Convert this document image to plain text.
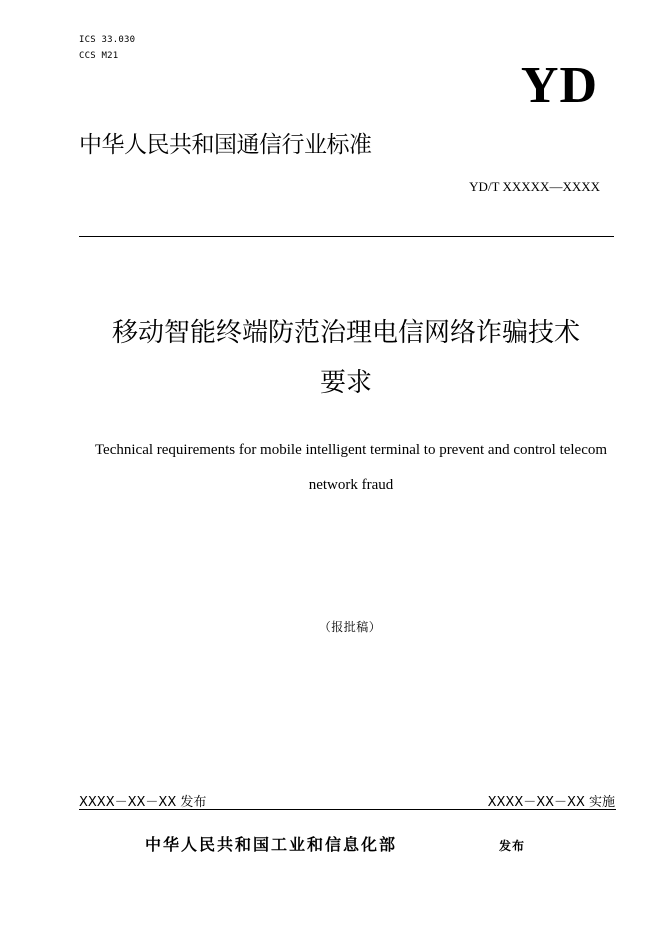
ICS 33.030
CCS M21
YD
中华人民共和国通信行业标准
YD/T XXXXX—XXXX
移动智能终端防范治理电信网络诈骗技术
要求
Technical requirements for mobile intelligent terminal to prevent and control telecom
network fraud
（报批稿）
XXXX－XX－XX 发布	XXXX－XX－XX 实施
中华人民共和国工业和信息化部	发布
